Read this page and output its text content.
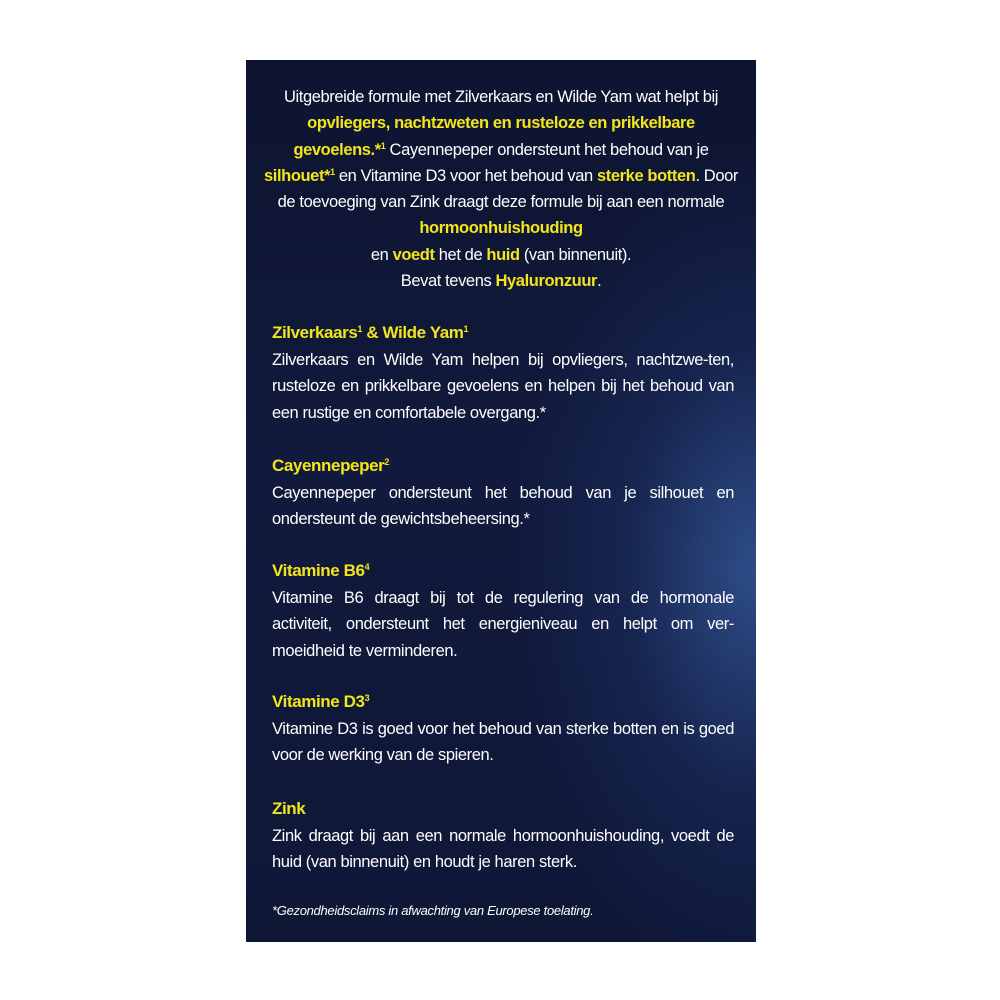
Uitgebreide formule met Zilverkaars en Wilde Yam wat helpt bij opvliegers, nachtzweten en rusteloze en prikkelbare gevoelens.*$^1$ Cayennepeper ondersteunt het behoud van je silhouet*$^1$ en Vitamine D3 voor het behoud van sterke botten. Door de toevoeging van Zink draagt deze formule bij aan een normale hormoonhuishouding
en voedt het de huid (van binnenuit).
Bevat tevens Hyaluronzuur.
Zilverkaars$^1$ & Wilde Yam$^1$
Zilverkaars en Wilde Yam helpen bij opvliegers, nachtzwe-ten, rusteloze en prikkelbare gevoelens en helpen bij het behoud van een rustige en comfortabele overgang.*
Cayennepeper$^2$
Cayennepeper ondersteunt het behoud van je silhouet en ondersteunt de gewichtsbeheersing.*
Vitamine $B6^4$
Vitamine B6 draagt bij tot de regulering van de hormonale activiteit, ondersteunt het energieniveau en helpt om ver-moeidheid te verminderen.
Vitamine $D3^3$
Vitamine D3 is goed voor het behoud van sterke botten en is goed voor de werking van de spieren.
Zink
Zink draagt bij aan een normale hormoonhuishouding, voedt de huid (van binnenuit) en houdt je haren sterk.
*Gezondheidsclaims in afwachting van Europese toelating.
